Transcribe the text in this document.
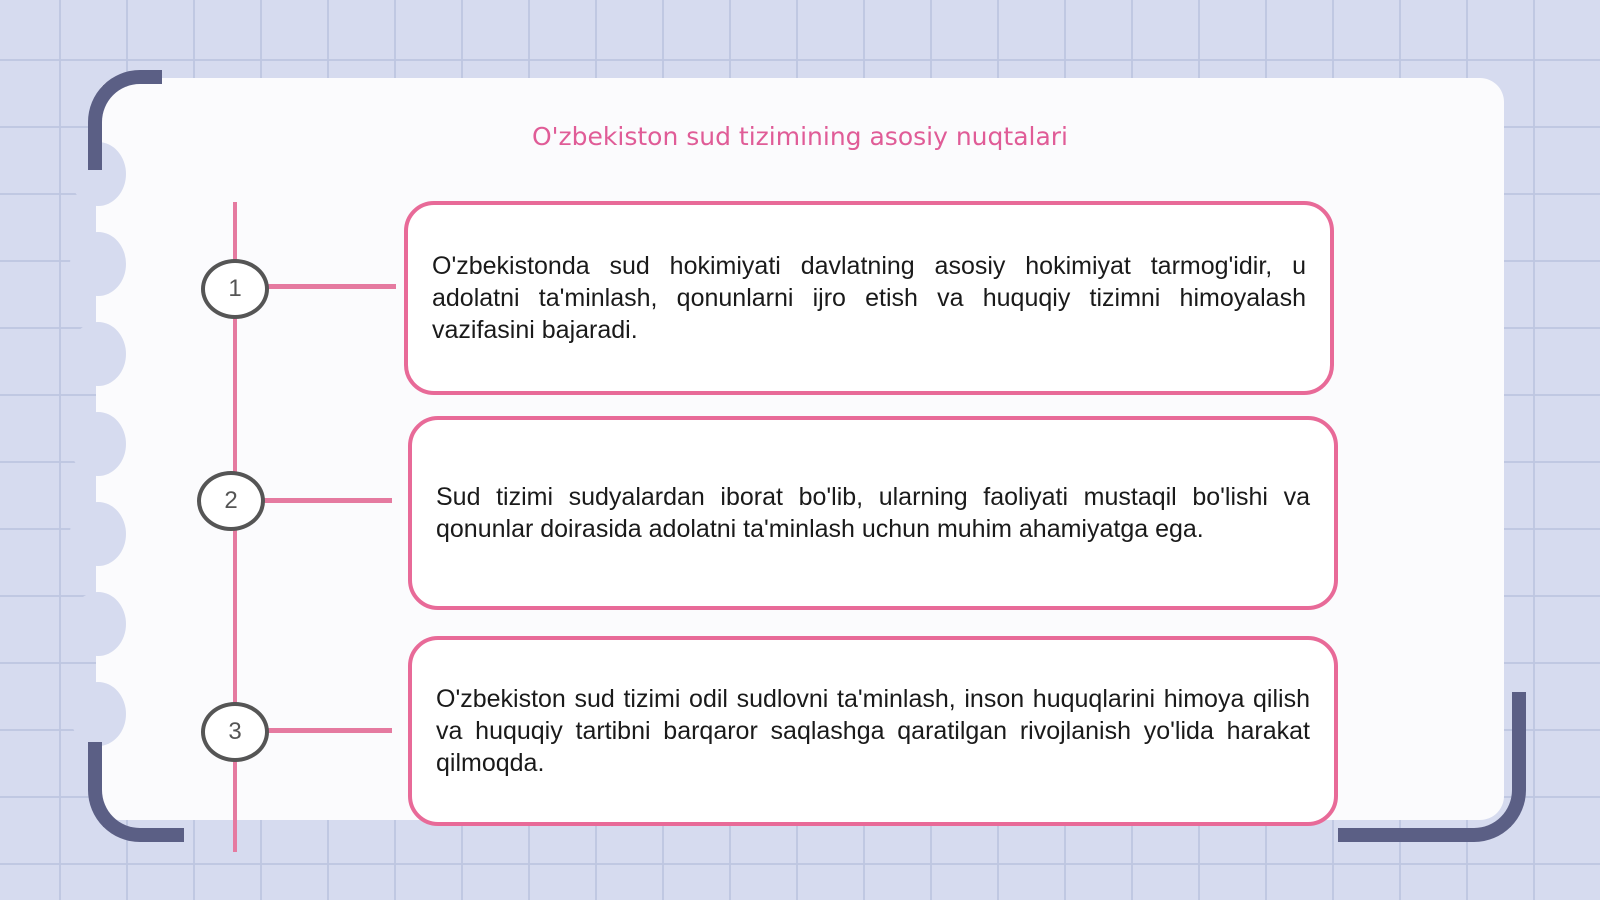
O'zbekiston sud tizimining asosiy nuqtalari
1
2
3

O'zbekistonda sud hokimiyati davlatning asosiy hokimiyat tarmog'idir, u adolatni ta'minlash, qonunlarni ijro etish va huquqiy tizimni himoyalash vazifasini bajaradi.

Sud tizimi sudyalardan iborat bo'lib, ularning faoliyati mustaqil bo'lishi va qonunlar doirasida adolatni ta'minlash uchun muhim ahamiyatga ega.

O'zbekiston sud tizimi odil sudlovni ta'minlash, inson huquqlarini himoya qilish va huquqiy tartibni barqaror saqlashga qaratilgan rivojlanish yo'lida harakat qilmoqda.
